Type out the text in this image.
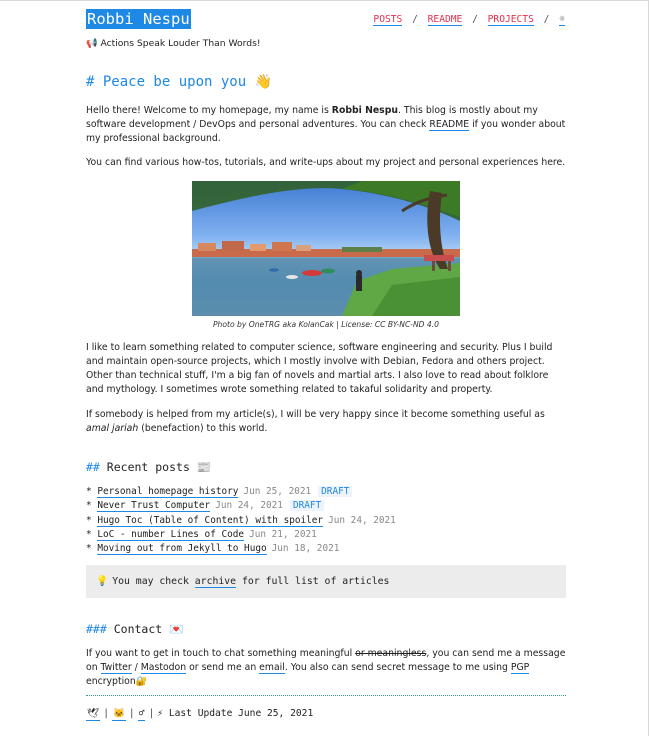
Robbi Nespu	POSTS / README / PROJECTS / ☼
📢 Actions Speak Louder Than Words!
# Peace be upon you 👋

Hello there! Welcome to my homepage, my name is Robbi Nespu. This blog is mostly about my software development / DevOps and personal adventures. You can check README if you wonder about my professional background.

You can find various how-tos, tutorials, and write-ups about my project and personal experiences here.

Photo by OneTRG aka KolanCak | License: CC BY-NC-ND 4.0

I like to learn something related to computer science, software engineering and security. Plus I build and maintain open-source projects, which I mostly involve with Debian, Fedora and others project. Other than technical stuff, I'm a big fan of novels and martial arts. I also love to read about folklore and mythology. I sometimes wrote something related to takaful solidarity and property.

If somebody is helped from my article(s), I will be very happy since it become something useful as amal jariah (benefaction) to this world.

## Recent posts 📰
* Personal homepage history Jun 25, 2021 DRAFT
* Never Trust Computer Jun 24, 2021 DRAFT
* Hugo Toc (Table of Content) with spoiler Jun 24, 2021
* LoC - number Lines of Code Jun 21, 2021
* Moving out from Jekyll to Hugo Jun 18, 2021
💡 You may check archive for full list of articles
### Contact 💌

If you want to get in touch to chat something meaningful or meaningless, you can send me a message on Twitter / Mastodon or send me an email. You also can send secret message to me using PGP encryption🔐

🕊 | 🐱 | ♂ | ⚡ Last Update June 25, 2021
